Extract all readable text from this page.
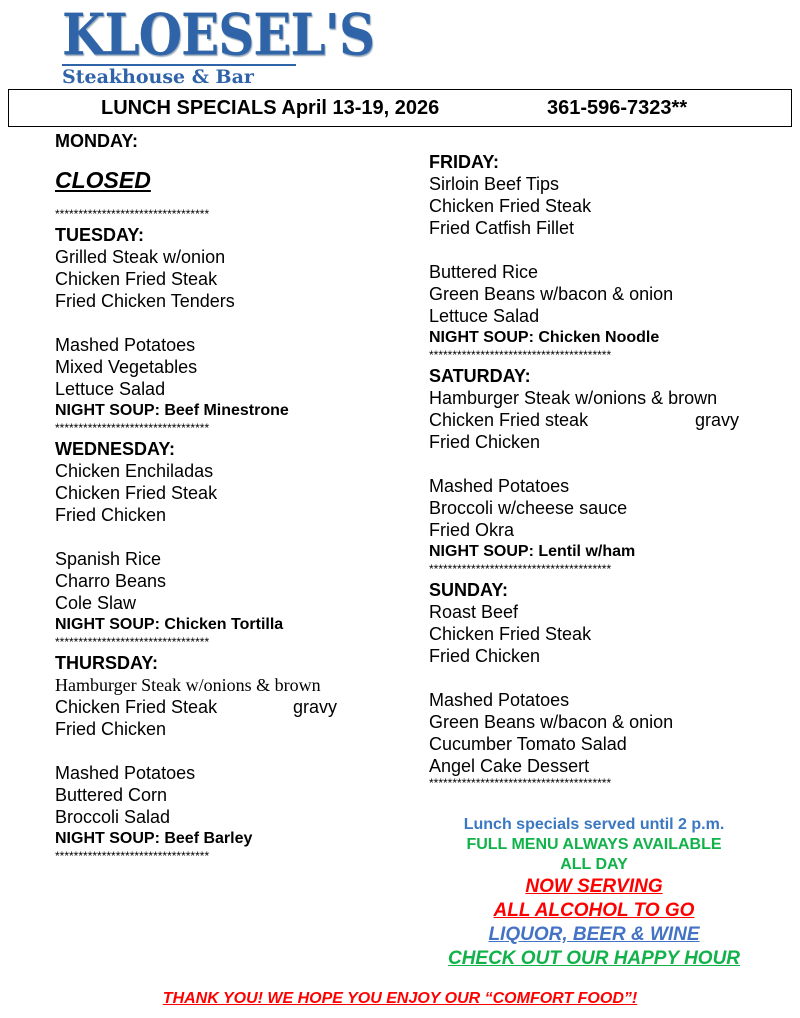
KLOESEL'S
Steakhouse & Bar
LUNCH SPECIALS April 13-19, 2026	361-596-7323**
MONDAY:
CLOSED
*********************************
TUESDAY:
Grilled Steak w/onion
Chicken Fried Steak
Fried Chicken Tenders
Mashed Potatoes
Mixed Vegetables
Lettuce Salad
NIGHT SOUP: Beef Minestrone
*********************************
WEDNESDAY:
Chicken Enchiladas
Chicken Fried Steak
Fried Chicken
Spanish Rice
Charro Beans
Cole Slaw
NIGHT SOUP: Chicken Tortilla
*********************************
THURSDAY:
Hamburger Steak w/onions & brown
Chicken Fried Steak	gravy
Fried Chicken
Mashed Potatoes
Buttered Corn
Broccoli Salad
NIGHT SOUP: Beef Barley
*********************************
FRIDAY:
Sirloin Beef Tips
Chicken Fried Steak
Fried Catfish Fillet
Buttered Rice
Green Beans w/bacon & onion
Lettuce Salad
NIGHT SOUP: Chicken Noodle
***************************************
SATURDAY:
Hamburger Steak w/onions & brown
Chicken Fried steak	gravy
Fried Chicken
Mashed Potatoes
Broccoli w/cheese sauce
Fried Okra
NIGHT SOUP: Lentil w/ham
***************************************
SUNDAY:
Roast Beef
Chicken Fried Steak
Fried Chicken
Mashed Potatoes
Green Beans w/bacon & onion
Cucumber Tomato Salad
Angel Cake Dessert
***************************************
Lunch specials served until 2 p.m.
FULL MENU ALWAYS AVAILABLE
ALL DAY
NOW SERVING
ALL ALCOHOL TO GO
LIQUOR, BEER & WINE
CHECK OUT OUR HAPPY HOUR
THANK YOU! WE HOPE YOU ENJOY OUR “COMFORT FOOD”!
